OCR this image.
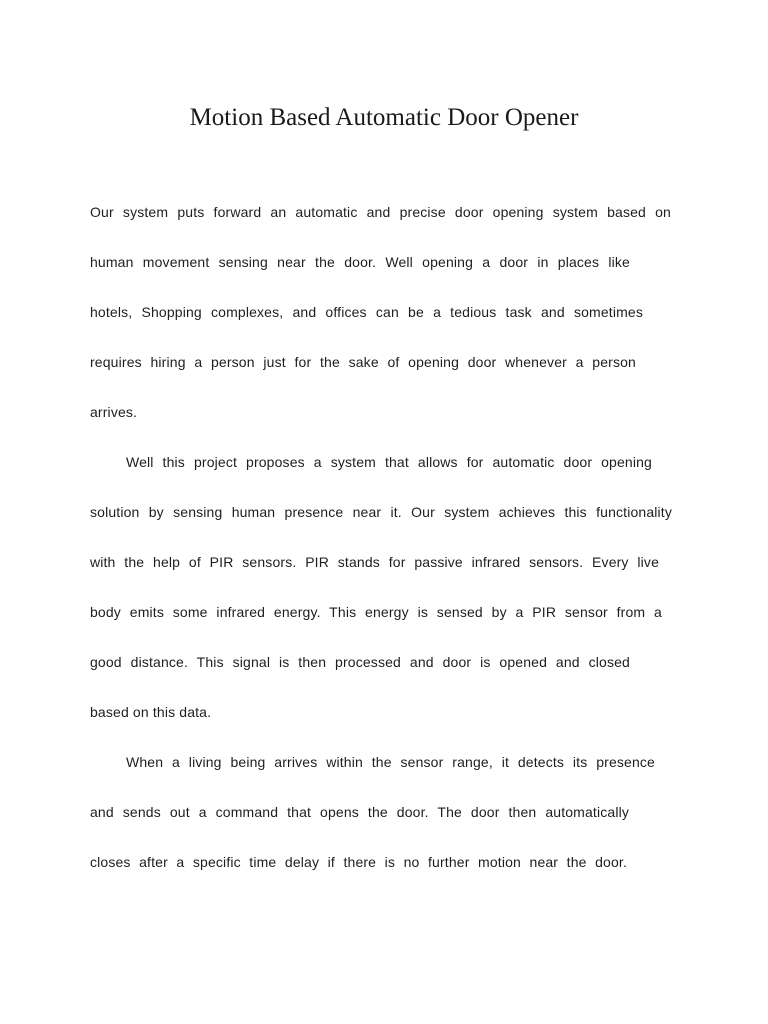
Motion Based Automatic Door Opener
Our system puts forward an automatic and precise door opening system based on
human movement sensing near the door. Well opening a door in places like
hotels, Shopping complexes, and offices can be a tedious task and sometimes
requires hiring a person just for the sake of opening door whenever a person
arrives.
Well this project proposes a system that allows for automatic door opening
solution by sensing human presence near it. Our system achieves this functionality
with the help of PIR sensors. PIR stands for passive infrared sensors. Every live
body emits some infrared energy. This energy is sensed by a PIR sensor from a
good distance. This signal is then processed and door is opened and closed
based on this data.
When a living being arrives within the sensor range, it detects its presence
and sends out a command that opens the door. The door then automatically
closes after a specific time delay if there is no further motion near the door.
